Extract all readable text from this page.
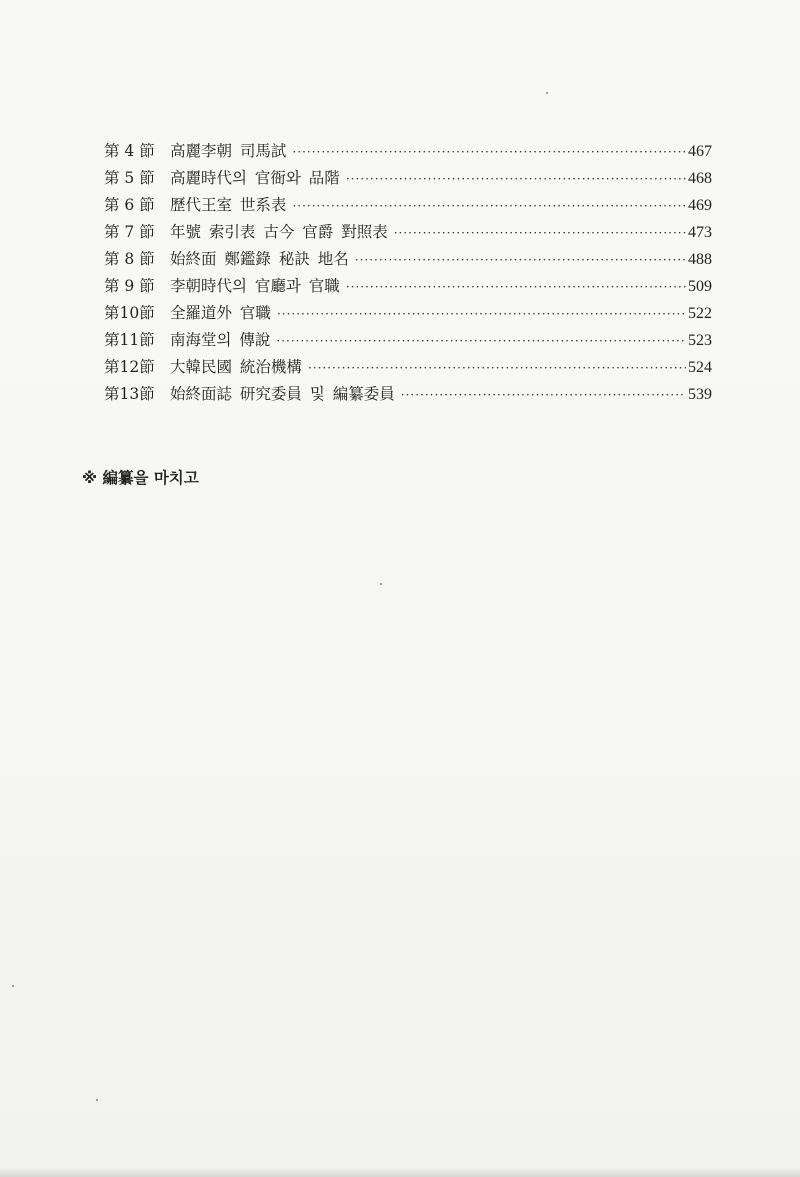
第 4 節 高麗李朝 司馬試 ·····	467
第 5 節 高麗時代의 官衙와 品階 ·····	468
第 6 節 歷代王室 世系表 ·····	469
第 7 節 年號 索引表 古今 官爵 對照表 ·····	473
第 8 節 始終面 鄭鑑錄 秘訣 地名 ·····	488
第 9 節 李朝時代의 官廳과 官職 ·····	509
第10節 全羅道外 官職 ·····	522
第11節 南海堂의 傳說 ·····	523
第12節 大韓民國 統治機構 ·····	524
第13節 始終面誌 研究委員 및 編纂委員 ·····	539
※ 編纂을 마치고
